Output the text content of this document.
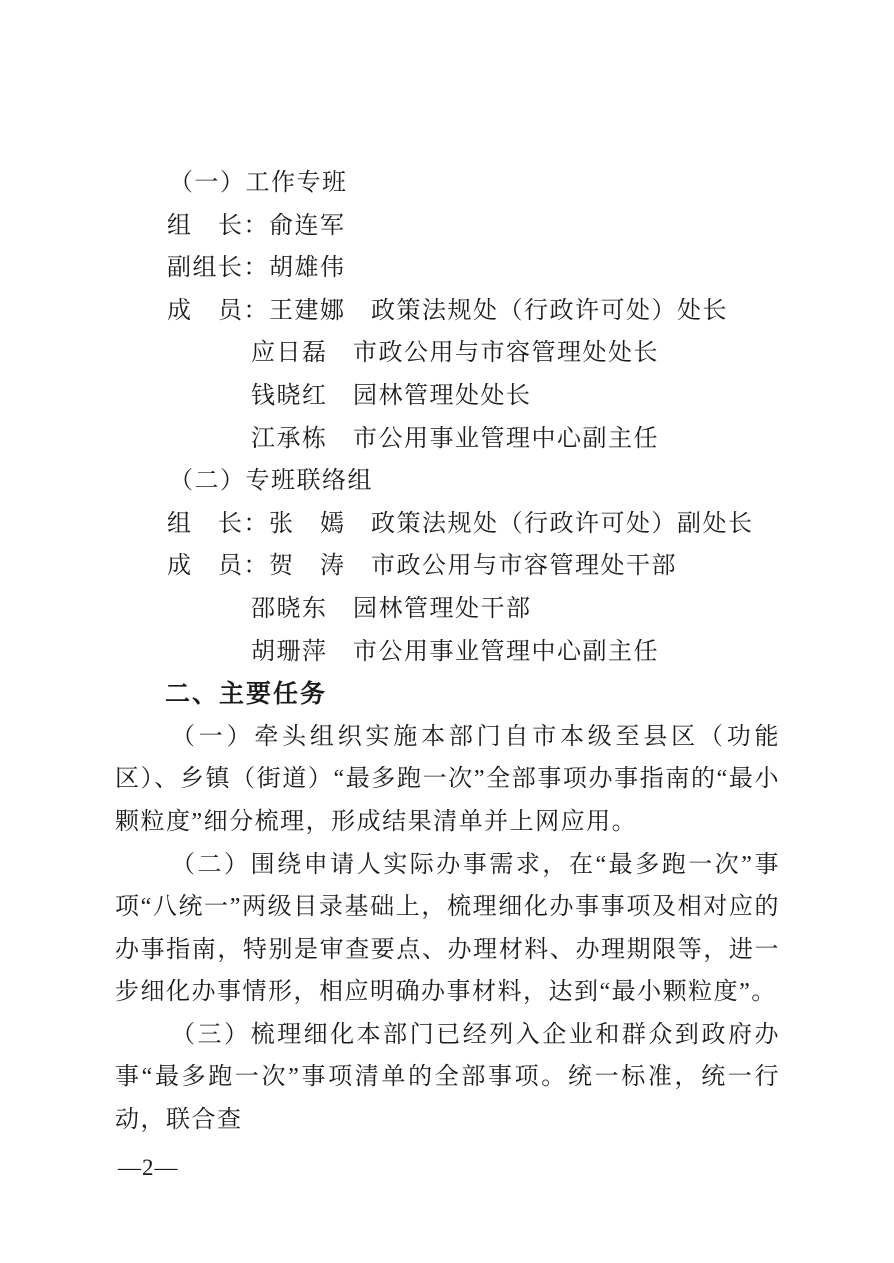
（一）工作专班
组　长：俞连军
副组长：胡雄伟
成　员：王建娜　政策法规处（行政许可处）处长
应日磊　市政公用与市容管理处处长
钱晓红　园林管理处处长
江承栋　市公用事业管理中心副主任
（二）专班联络组
组　长：张　嫣　政策法规处（行政许可处）副处长
成　员：贺　涛　市政公用与市容管理处干部
邵晓东　园林管理处干部
胡珊萍　市公用事业管理中心副主任
二、主要任务
（一）牵头组织实施本部门自市本级至县区（功能区）、乡镇（街道）“最多跑一次”全部事项办事指南的“最小颗粒度”细分梳理，形成结果清单并上网应用。
（二）围绕申请人实际办事需求，在“最多跑一次”事项“八统一”两级目录基础上，梳理细化办事事项及相对应的办事指南，特别是审查要点、办理材料、办理期限等，进一步细化办事情形，相应明确办事材料，达到“最小颗粒度”。
（三）梳理细化本部门已经列入企业和群众到政府办事“最多跑一次”事项清单的全部事项。统一标准，统一行动，联合查
—2—
